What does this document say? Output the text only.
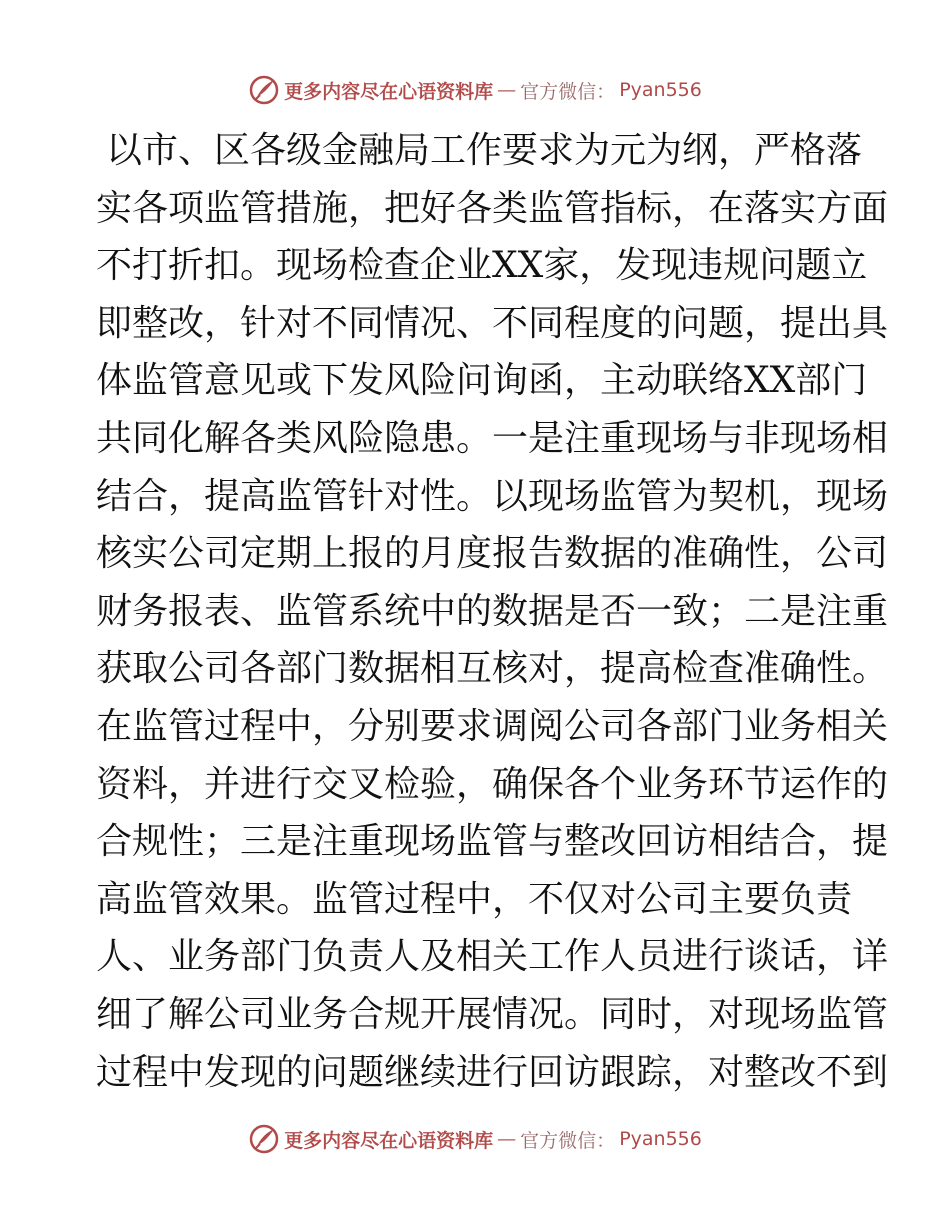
更多内容尽在心语资料库 — 官方微信： Pyan556
以市、区各级金融局工作要求为元为纲，严格落
实各项监管措施，把好各类监管指标，在落实方面
不打折扣。现场检查企业XX家，发现违规问题立
即整改，针对不同情况、不同程度的问题，提出具
体监管意见或下发风险问询函，主动联络XX部门
共同化解各类风险隐患。一是注重现场与非现场相
结合，提高监管针对性。以现场监管为契机，现场
核实公司定期上报的月度报告数据的准确性，公司
财务报表、监管系统中的数据是否一致；二是注重
获取公司各部门数据相互核对，提高检查准确性。
在监管过程中，分别要求调阅公司各部门业务相关
资料，并进行交叉检验，确保各个业务环节运作的
合规性；三是注重现场监管与整改回访相结合，提
高监管效果。监管过程中，不仅对公司主要负责
人、业务部门负责人及相关工作人员进行谈话，详
细了解公司业务合规开展情况。同时，对现场监管
过程中发现的问题继续进行回访跟踪，对整改不到
更多内容尽在心语资料库 — 官方微信： Pyan556
